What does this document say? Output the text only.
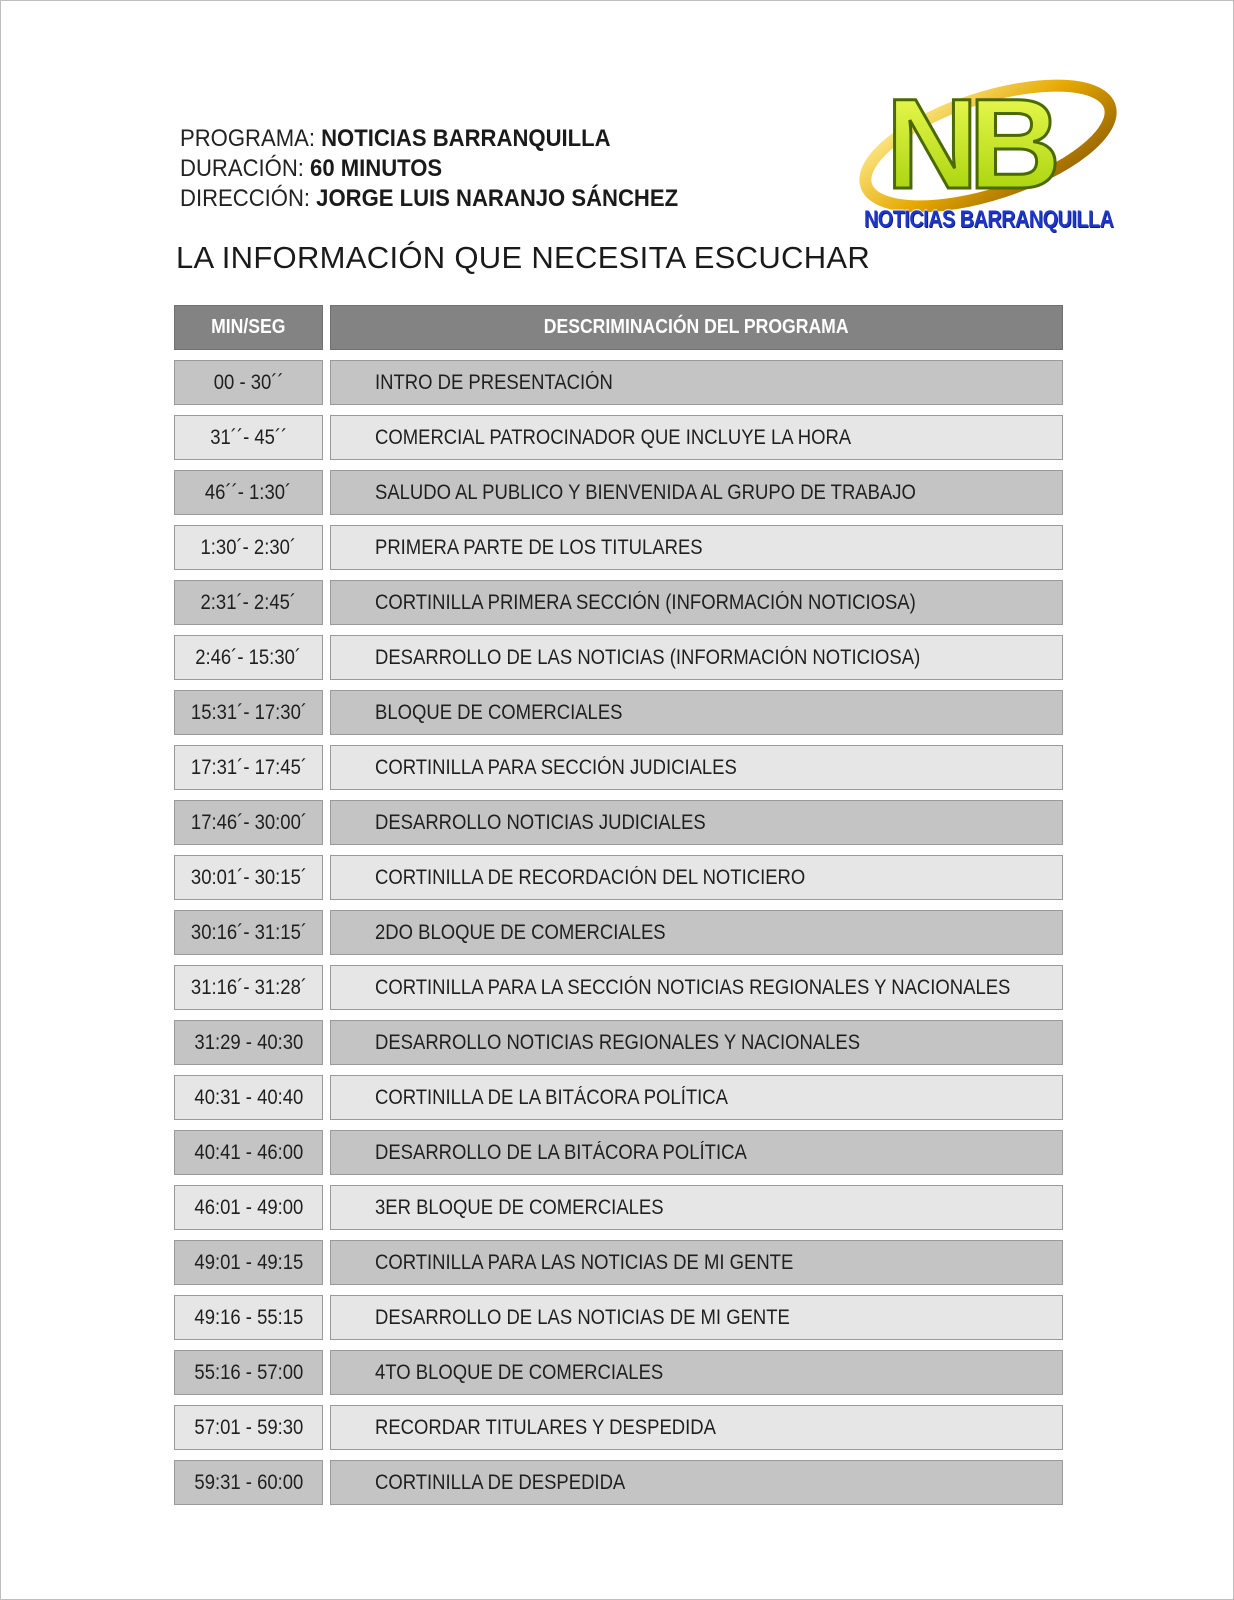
PROGRAMA: NOTICIAS BARRANQUILLA
DURACIÓN: 60 MINUTOS
DIRECCIÓN: JORGE LUIS NARANJO SÁNCHEZ
LA INFORMACIÓN QUE NECESITA ESCUCHAR
NB
NOTICIAS BARRANQUILLA
MIN/SEG	DESCRIMINACIÓN DEL PROGRAMA
00 - 30´´	INTRO DE PRESENTACIÓN
31´´- 45´´	COMERCIAL PATROCINADOR QUE INCLUYE LA HORA
46´´- 1:30´	SALUDO AL PUBLICO Y BIENVENIDA AL GRUPO DE TRABAJO
1:30´- 2:30´	PRIMERA PARTE DE LOS TITULARES
2:31´- 2:45´	CORTINILLA PRIMERA SECCIÓN (INFORMACIÓN NOTICIOSA)
2:46´- 15:30´	DESARROLLO DE LAS NOTICIAS (INFORMACIÓN NOTICIOSA)
15:31´- 17:30´	BLOQUE DE COMERCIALES
17:31´- 17:45´	CORTINILLA PARA SECCIÓN JUDICIALES
17:46´- 30:00´	DESARROLLO NOTICIAS JUDICIALES
30:01´- 30:15´	CORTINILLA DE RECORDACIÓN DEL NOTICIERO
30:16´- 31:15´	2DO BLOQUE DE COMERCIALES
31:16´- 31:28´	CORTINILLA PARA LA SECCIÓN NOTICIAS REGIONALES Y NACIONALES
31:29 - 40:30	DESARROLLO NOTICIAS REGIONALES Y NACIONALES
40:31 - 40:40	CORTINILLA DE LA BITÁCORA POLÍTICA
40:41 - 46:00	DESARROLLO DE LA BITÁCORA POLÍTICA
46:01 - 49:00	3ER BLOQUE DE COMERCIALES
49:01 - 49:15	CORTINILLA PARA LAS NOTICIAS DE MI GENTE
49:16 - 55:15	DESARROLLO DE LAS NOTICIAS DE MI GENTE
55:16 - 57:00	4TO BLOQUE DE COMERCIALES
57:01 - 59:30	RECORDAR TITULARES Y DESPEDIDA
59:31 - 60:00	CORTINILLA DE DESPEDIDA
